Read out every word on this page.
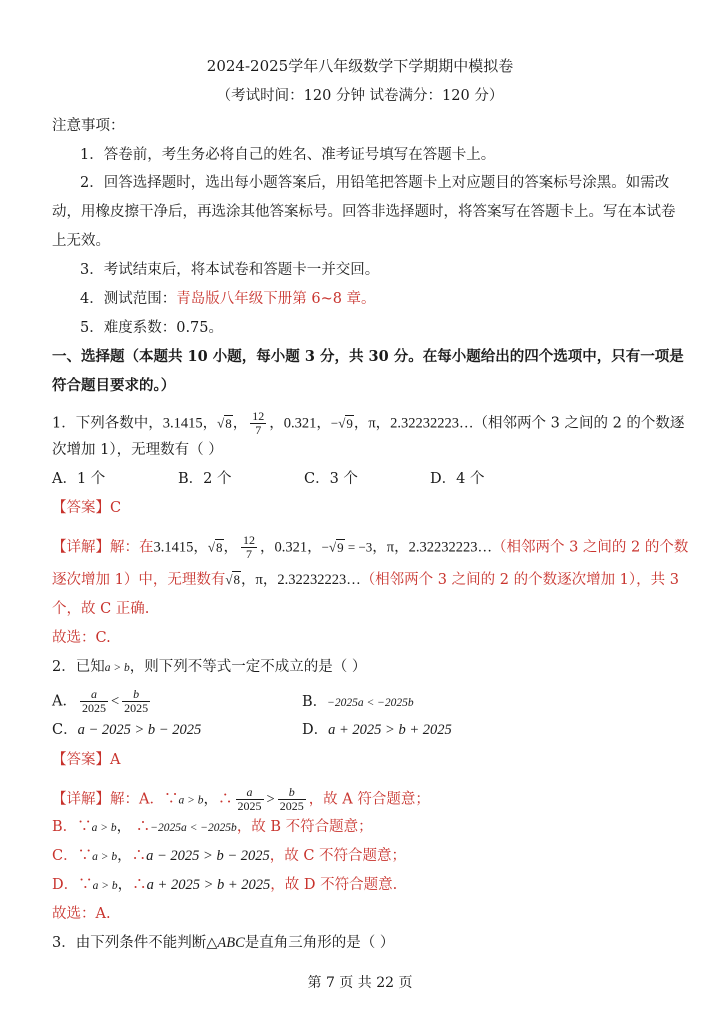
2024-2025学年八年级数学下学期期中模拟卷
（考试时间：120 分钟 试卷满分：120 分）
注意事项：
1．答卷前，考生务必将自己的姓名、准考证号填写在答题卡上。
2．回答选择题时，选出每小题答案后，用铅笔把答题卡上对应题目的答案标号涂黑。如需改
动，用橡皮擦干净后，再选涂其他答案标号。回答非选择题时，将答案写在答题卡上。写在本试卷
上无效。
3．考试结束后，将本试卷和答题卡一并交回。
4．测试范围：青岛版八年级下册第 6~8 章。
5．难度系数：0.75。
一、选择题（本题共 10 小题，每小题 3 分，共 30 分。在每小题给出的四个选项中，只有一项是
符合题目要求的。）
1．下列各数中，3.1415，√8， $\frac{12}{7}$ ，0.321，−√9，π，2.32232223…（相邻两个 3 之间的 2 的个数逐
次增加 1），无理数有（ ）
A．1 个	B．2 个	C．3 个	D．4 个
【答案】C
【详解】解：在3.1415，√8， $\frac{12}{7}$ ，0.321，−√9 = −3，π，2.32232223…（相邻两个 3 之间的 2 的个数
逐次增加 1）中，无理数有√8，π，2.32232223…（相邻两个 3 之间的 2 的个数逐次增加 1），共 3
个，故 C 正确.
故选：C.
2．已知a > b，则下列不等式一定不成立的是（ ）
A． $\frac{a}{2025} < \frac{b}{2025}$	B．−2025a < −2025b
C．a − 2025 > b − 2025	D．a + 2025 > b + 2025
【答案】A
【详解】解：A．∵a > b，∴ $\frac{a}{2025} > \frac{b}{2025}$ ，故 A 符合题意；
B．∵a > b， ∴−2025a < −2025b，故 B 不符合题意；
C．∵a > b，∴a − 2025 > b − 2025，故 C 不符合题意；
D．∵a > b，∴a + 2025 > b + 2025，故 D 不符合题意.
故选：A.
3．由下列条件不能判断△ABC是直角三角形的是（ ）
第 7 页 共 22 页
